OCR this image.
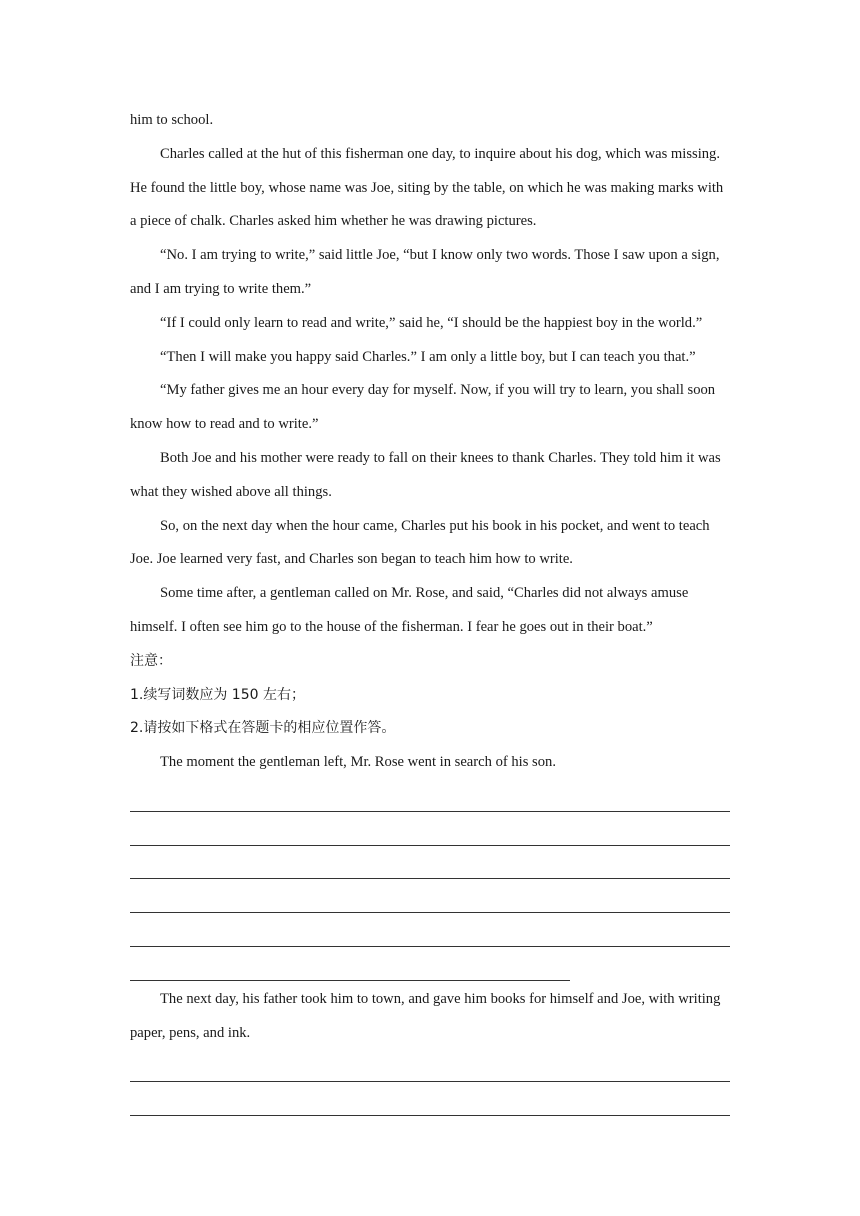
him to school.

Charles called at the hut of this fisherman one day, to inquire about his dog, which was missing. He found the little boy, whose name was Joe, siting by the table, on which he was making marks with a piece of chalk. Charles asked him whether he was drawing pictures.

“No. I am trying to write,” said little Joe, “but I know only two words. Those I saw upon a sign, and I am trying to write them.”

“If I could only learn to read and write,” said he, “I should be the happiest boy in the world.”

“Then I will make you happy said Charles.” I am only a little boy, but I can teach you that.”

“My father gives me an hour every day for myself. Now, if you will try to learn, you shall soon know how to read and to write.”

Both Joe and his mother were ready to fall on their knees to thank Charles. They told him it was what they wished above all things.

So, on the next day when the hour came, Charles put his book in his pocket, and went to teach Joe. Joe learned very fast, and Charles son began to teach him how to write.

Some time after, a gentleman called on Mr. Rose, and said, “Charles did not always amuse himself. I often see him go to the house of the fisherman. I fear he goes out in their boat.”

注意：

1.续写词数应为 150 左右；

2.请按如下格式在答题卡的相应位置作答。

The moment the gentleman left, Mr. Rose went in search of his son.

The next day, his father took him to town, and gave him books for himself and Joe, with writing paper, pens, and ink.
